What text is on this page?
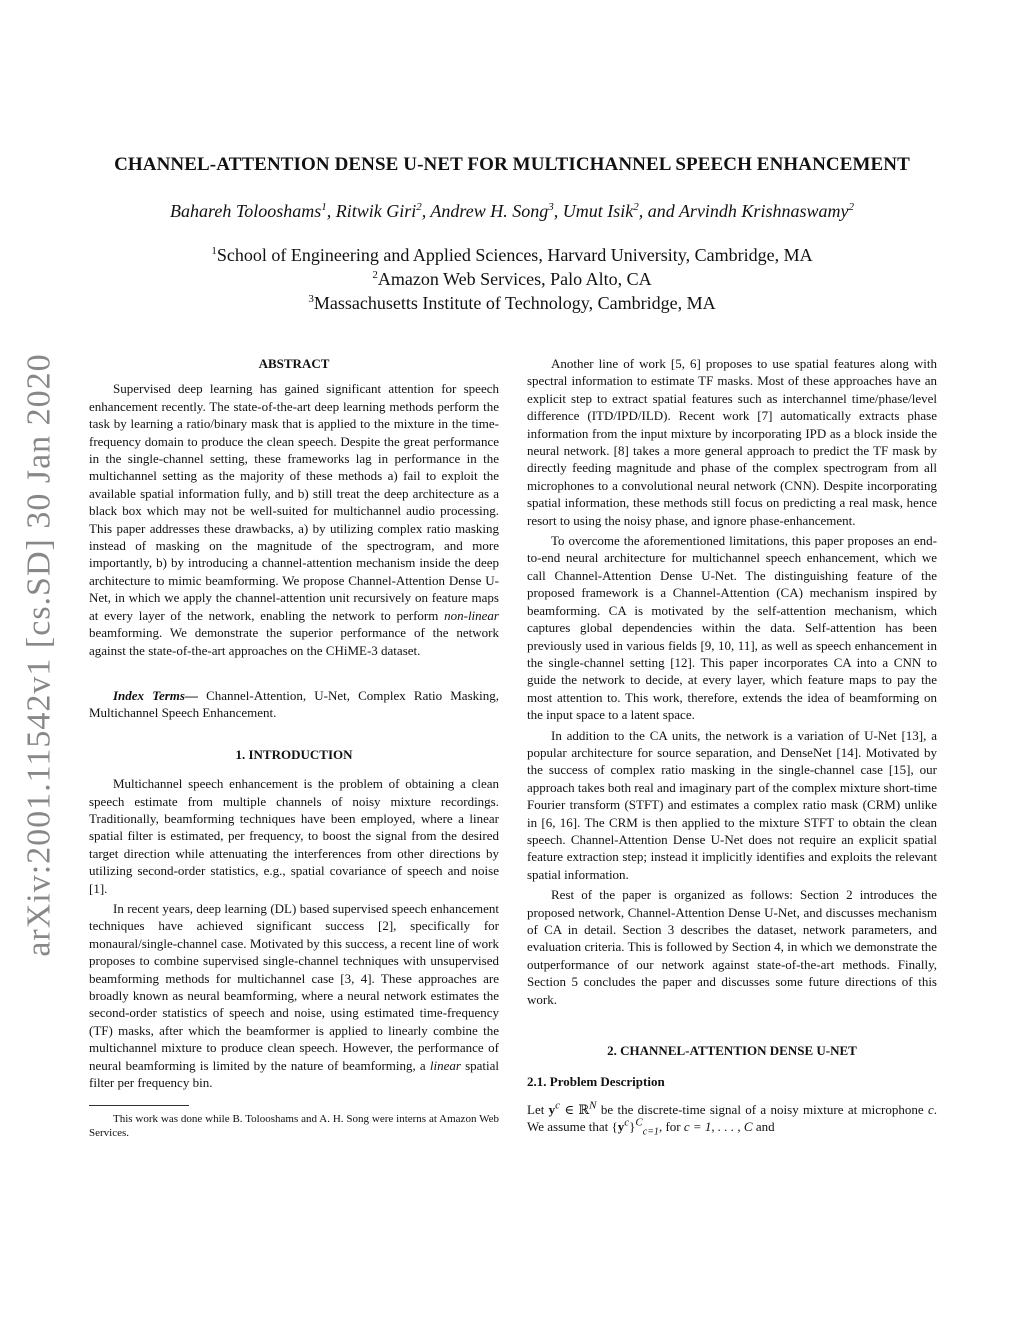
arXiv:2001.11542v1 [cs.SD] 30 Jan 2020
CHANNEL-ATTENTION DENSE U-NET FOR MULTICHANNEL SPEECH ENHANCEMENT
Bahareh Tolooshams$^1$, Ritwik Giri$^2$, Andrew H. Song$^3$, Umut Isik$^2$, and Arvindh Krishnaswamy$^2$
$^1$School of Engineering and Applied Sciences, Harvard University, Cambridge, MA
$^2$Amazon Web Services, Palo Alto, CA
$^3$Massachusetts Institute of Technology, Cambridge, MA
ABSTRACT

Supervised deep learning has gained significant attention for speech enhancement recently. The state-of-the-art deep learning methods perform the task by learning a ratio/binary mask that is applied to the mixture in the time-frequency domain to produce the clean speech. Despite the great performance in the single-channel setting, these frameworks lag in performance in the multichannel setting as the majority of these methods a) fail to exploit the available spatial information fully, and b) still treat the deep architecture as a black box which may not be well-suited for multichannel audio processing. This paper addresses these drawbacks, a) by utilizing complex ratio masking instead of masking on the magnitude of the spectrogram, and more importantly, b) by introducing a channel-attention mechanism inside the deep architecture to mimic beamforming. We propose Channel-Attention Dense U-Net, in which we apply the channel-attention unit recursively on feature maps at every layer of the network, enabling the network to perform non-linear beamforming. We demonstrate the superior performance of the network against the state-of-the-art approaches on the CHiME-3 dataset.

Index Terms— Channel-Attention, U-Net, Complex Ratio Masking, Multichannel Speech Enhancement.

1. INTRODUCTION

Multichannel speech enhancement is the problem of obtaining a clean speech estimate from multiple channels of noisy mixture recordings. Traditionally, beamforming techniques have been employed, where a linear spatial filter is estimated, per frequency, to boost the signal from the desired target direction while attenuating the interferences from other directions by utilizing second-order statistics, e.g., spatial covariance of speech and noise [1].

In recent years, deep learning (DL) based supervised speech enhancement techniques have achieved significant success [2], specifically for monaural/single-channel case. Motivated by this success, a recent line of work proposes to combine supervised single-channel techniques with unsupervised beamforming methods for multichannel case [3, 4]. These approaches are broadly known as neural beamforming, where a neural network estimates the second-order statistics of speech and noise, using estimated time-frequency (TF) masks, after which the beamformer is applied to linearly combine the multichannel mixture to produce clean speech. However, the performance of neural beamforming is limited by the nature of beamforming, a linear spatial filter per frequency bin.

This work was done while B. Tolooshams and A. H. Song were interns at Amazon Web Services.

Another line of work [5, 6] proposes to use spatial features along with spectral information to estimate TF masks. Most of these approaches have an explicit step to extract spatial features such as interchannel time/phase/level difference (ITD/IPD/ILD). Recent work [7] automatically extracts phase information from the input mixture by incorporating IPD as a block inside the neural network. [8] takes a more general approach to predict the TF mask by directly feeding magnitude and phase of the complex spectrogram from all microphones to a convolutional neural network (CNN). Despite incorporating spatial information, these methods still focus on predicting a real mask, hence resort to using the noisy phase, and ignore phase-enhancement.

To overcome the aforementioned limitations, this paper proposes an end-to-end neural architecture for multichannel speech enhancement, which we call Channel-Attention Dense U-Net. The distinguishing feature of the proposed framework is a Channel-Attention (CA) mechanism inspired by beamforming. CA is motivated by the self-attention mechanism, which captures global dependencies within the data. Self-attention has been previously used in various fields [9, 10, 11], as well as speech enhancement in the single-channel setting [12]. This paper incorporates CA into a CNN to guide the network to decide, at every layer, which feature maps to pay the most attention to. This work, therefore, extends the idea of beamforming on the input space to a latent space.

In addition to the CA units, the network is a variation of U-Net [13], a popular architecture for source separation, and DenseNet [14]. Motivated by the success of complex ratio masking in the single-channel case [15], our approach takes both real and imaginary part of the complex mixture short-time Fourier transform (STFT) and estimates a complex ratio mask (CRM) unlike in [6, 16]. The CRM is then applied to the mixture STFT to obtain the clean speech. Channel-Attention Dense U-Net does not require an explicit spatial feature extraction step; instead it implicitly identifies and exploits the relevant spatial information.

Rest of the paper is organized as follows: Section 2 introduces the proposed network, Channel-Attention Dense U-Net, and discusses mechanism of CA in detail. Section 3 describes the dataset, network parameters, and evaluation criteria. This is followed by Section 4, in which we demonstrate the outperformance of our network against state-of-the-art methods. Finally, Section 5 concludes the paper and discusses some future directions of this work.

2. CHANNEL-ATTENTION DENSE U-NET
2.1. Problem Description

Let $y^c$ ∈ ℝ$^N$ be the discrete-time signal of a noisy mixture at microphone c. We assume that $\{y^c\}^C_{c=1}$, for c = 1, . . . , C and
